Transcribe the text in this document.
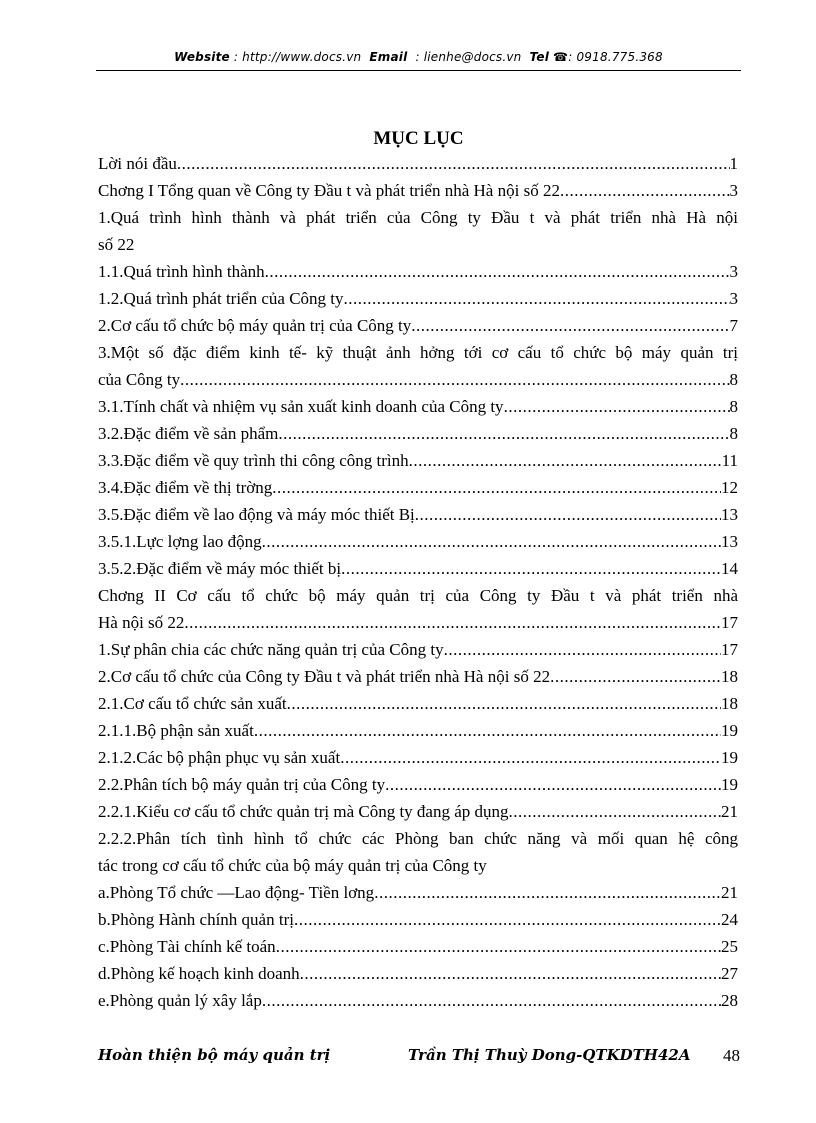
Website : http://www.docs.vn Email : lienhe@docs.vn Tel ☎: 0918.775.368
MỤC LỤC
Lời nói đầu .....	1
Chơng I Tổng quan về Công ty Đầu t và phát triển nhà Hà nội số 22 .....	3
1.Quá trình hình thành và phát triển của Công ty Đầu t và phát triển nhà Hà nội
số 22
1.1.Quá trình hình thành .....	3
1.2.Quá trình phát triển của Công ty .....	3
2.Cơ cấu tổ chức bộ máy quản trị của Công ty .....	7
3.Một số đặc điểm kinh tế- kỹ thuật ảnh hởng tới cơ cấu tổ chức bộ máy quản trị
của Công ty .....	8
3.1.Tính chất và nhiệm vụ sản xuất kinh doanh của Công ty .....	8
3.2.Đặc điểm về sản phẩm .....	8
3.3.Đặc điểm về quy trình thi công công trình .....	11
3.4.Đặc điểm về thị trờng .....	12
3.5.Đặc điểm về lao động và máy móc thiết Bị .....	13
3.5.1.Lực lợng lao động .....	13
3.5.2.Đặc điểm về máy móc thiết bị .....	14
Chơng II Cơ cấu tổ chức bộ máy quản trị của Công ty Đầu t và phát triển nhà
Hà nội số 22 .....	17
1.Sự phân chia các chức năng quản trị của Công ty .....	17
2.Cơ cấu tổ chức của Công ty Đầu t và phát triển nhà Hà nội số 22 .....	18
2.1.Cơ cấu tổ chức sản xuất .....	18
2.1.1.Bộ phận sản xuất .....	19
2.1.2.Các bộ phận phục vụ sản xuất .....	19
2.2.Phân tích bộ máy quản trị của Công ty .....	19
2.2.1.Kiểu cơ cấu tổ chức quản trị mà Công ty đang áp dụng .....	21
2.2.2.Phân tích tình hình tổ chức các Phòng ban chức năng và mối quan hệ công
tác trong cơ cấu tổ chức của bộ máy quản trị của Công ty
a.Phòng Tổ chức —Lao động- Tiền lơng .....	21
b.Phòng Hành chính quản trị .....	24
c.Phòng Tài chính kế toán .....	25
d.Phòng kế hoạch kinh doanh .....	27
e.Phòng quản lý xây lắp .....	28
Hoàn thiện bộ máy quản trị	Trần Thị Thuỳ Dong-QTKDTH42A 48
